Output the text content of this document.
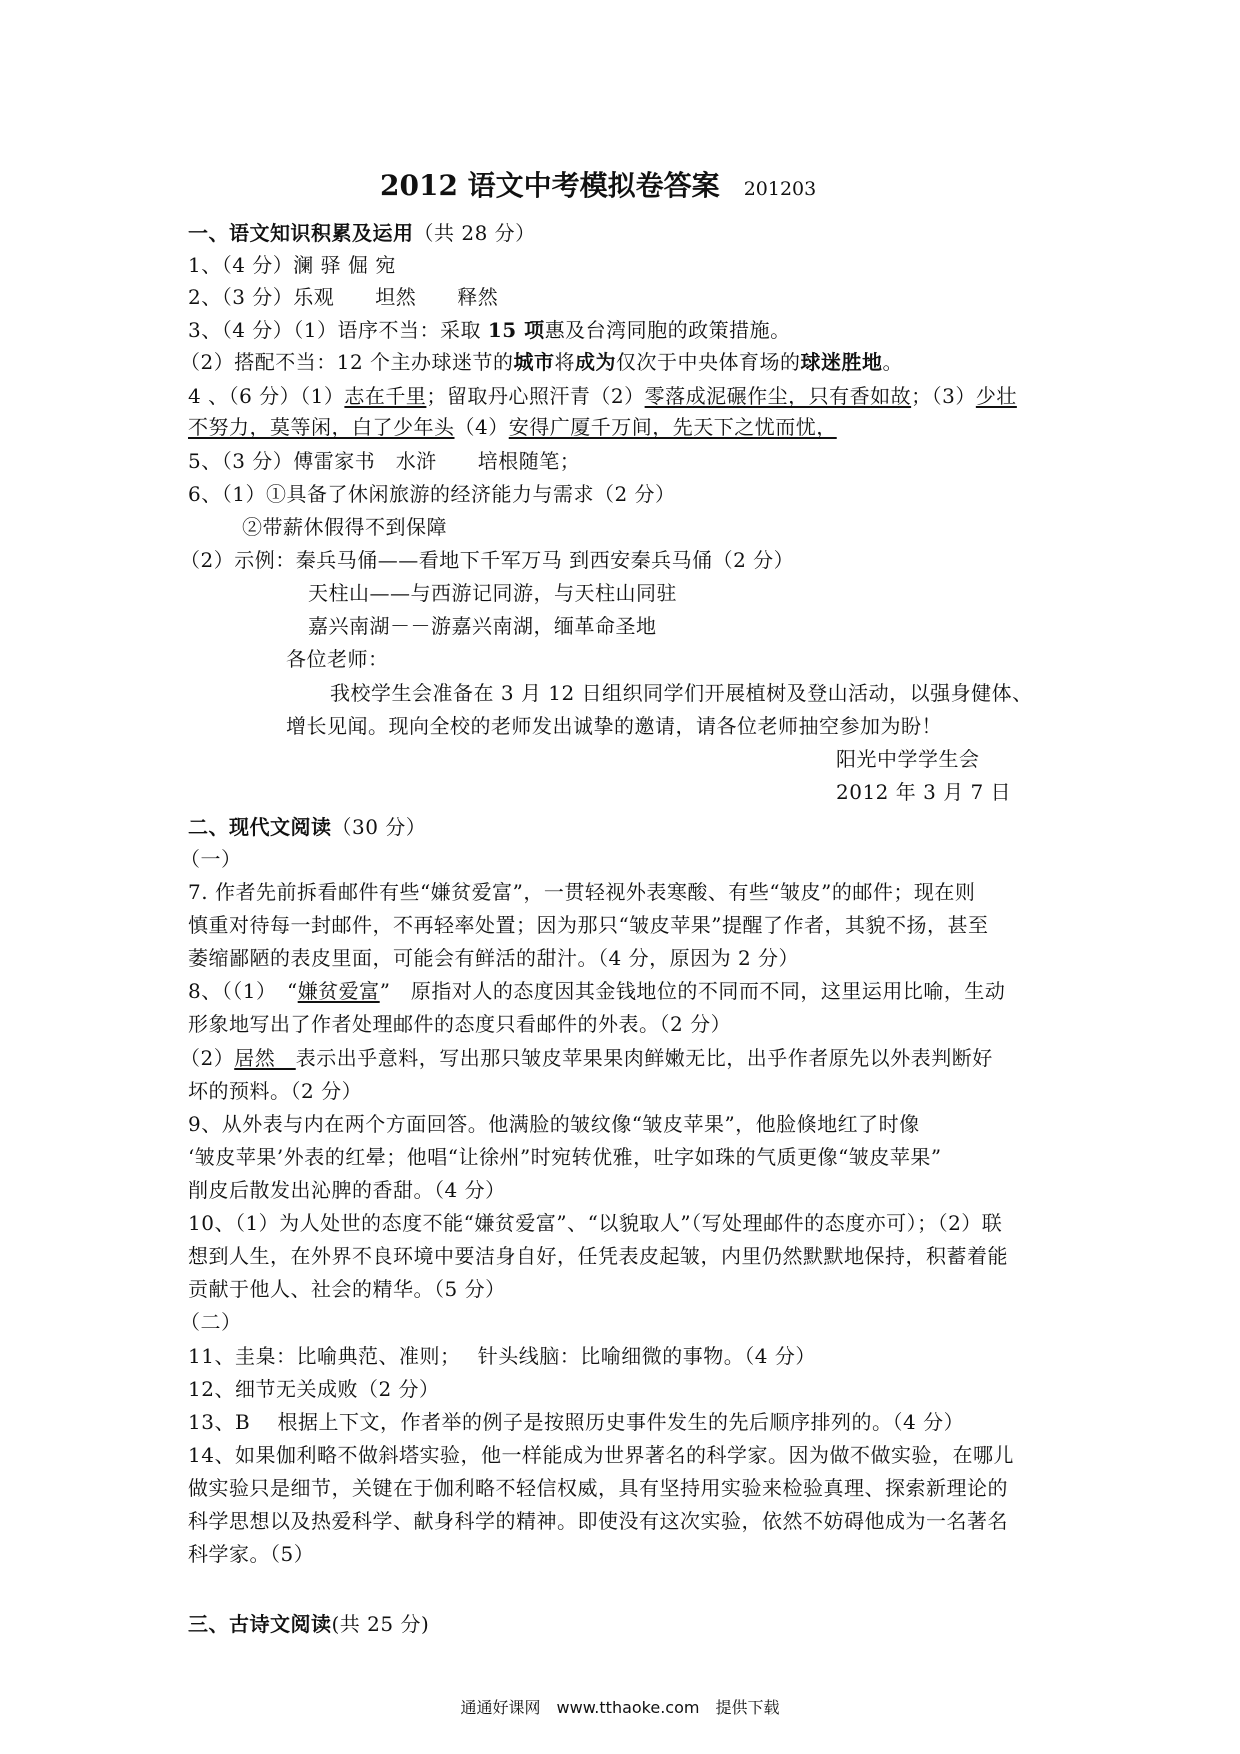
2012 语文中考模拟卷答案 201203
一、语文知识积累及运用（共 28 分）
1、（4 分）澜 驿 倔 宛
2、（3 分）乐观　　坦然　　释然
3、（4 分）（1）语序不当：采取 15 项惠及台湾同胞的政策措施。
（2）搭配不当：12 个主办球迷节的城市将成为仅次于中央体育场的球迷胜地。
4 、（6 分）（1）志在千里；留取丹心照汗青（2）零落成泥碾作尘，只有香如故；（3）少壮
不努力，莫等闲，白了少年头（4）安得广厦千万间，先天下之忧而忧，
5、（3 分）傅雷家书　水浒　　培根随笔；
6、（1）①具备了休闲旅游的经济能力与需求（2 分）
②带薪休假得不到保障
（2）示例：秦兵马俑——看地下千军万马 到西安秦兵马俑（2 分）
天柱山——与西游记同游，与天柱山同驻
嘉兴南湖－－游嘉兴南湖，缅革命圣地
各位老师：
我校学生会准备在 3 月 12 日组织同学们开展植树及登山活动，以强身健体、
增长见闻。现向全校的老师发出诚挚的邀请，请各位老师抽空参加为盼！
阳光中学学生会
2012 年 3 月 7 日
二、现代文阅读（30 分）
（一）
7. 作者先前拆看邮件有些“嫌贫爱富”，一贯轻视外表寒酸、有些“皱皮”的邮件；现在则
慎重对待每一封邮件，不再轻率处置；因为那只“皱皮苹果”提醒了作者，其貌不扬，甚至
萎缩鄙陋的表皮里面，可能会有鲜活的甜汁。（4 分，原因为 2 分）
8、（（1）　“嫌贫爱富”　原指对人的态度因其金钱地位的不同而不同，这里运用比喻，生动
形象地写出了作者处理邮件的态度只看邮件的外表。（2 分）
（2）居然　表示出乎意料，写出那只皱皮苹果果肉鲜嫩无比，出乎作者原先以外表判断好
坏的预料。（2 分）
9、从外表与内在两个方面回答。他满脸的皱纹像“皱皮苹果”，他脸倏地红了时像
‘皱皮苹果’外表的红晕；他唱“让徐州”时宛转优雅，吐字如珠的气质更像“皱皮苹果”
削皮后散发出沁脾的香甜。（4 分）
10、（1）为人处世的态度不能“嫌贫爱富”、“以貌取人”（写处理邮件的态度亦可）；（2）联
想到人生，在外界不良环境中要洁身自好，任凭表皮起皱，内里仍然默默地保持，积蓄着能
贡献于他人、社会的精华。（5 分）
（二）
11、圭臬：比喻典范、准则；　 针头线脑：比喻细微的事物。（4 分）
12、细节无关成败（2 分）
13、B　 根据上下文，作者举的例子是按照历史事件发生的先后顺序排列的。（4 分）
14、如果伽利略不做斜塔实验，他一样能成为世界著名的科学家。因为做不做实验，在哪儿
做实验只是细节，关键在于伽利略不轻信权威，具有坚持用实验来检验真理、探索新理论的
科学思想以及热爱科学、献身科学的精神。即使没有这次实验，依然不妨碍他成为一名著名
科学家。（5）
三、古诗文阅读(共 25 分)
通通好课网　www.tthaoke.com　提供下载
